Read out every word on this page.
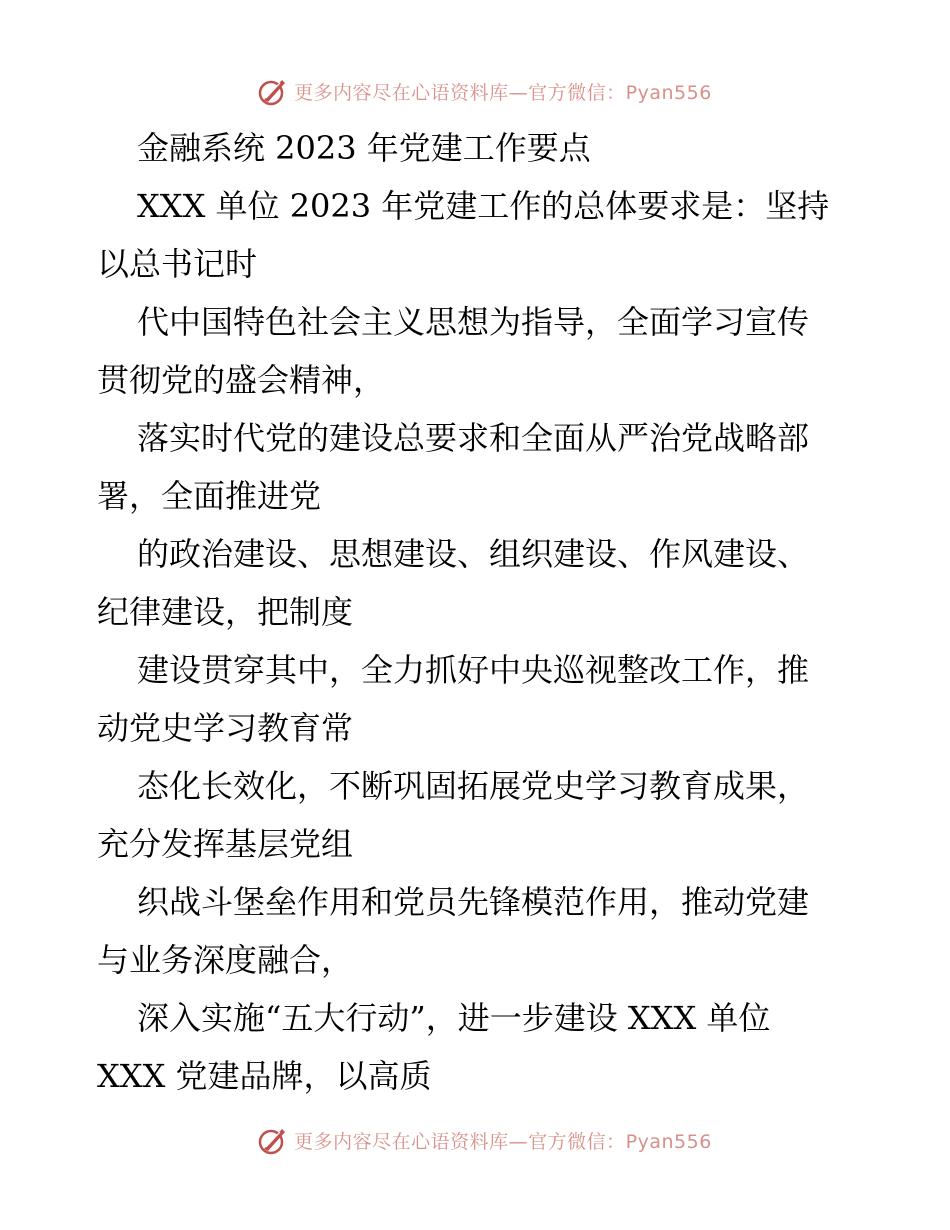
更多内容尽在心语资料库—官方微信：Pyan556
金融系统 2023 年党建工作要点
XXX 单位 2023 年党建工作的总体要求是：坚持
以总书记时
代中国特色社会主义思想为指导，全面学习宣传
贯彻党的盛会精神，
落实时代党的建设总要求和全面从严治党战略部
署，全面推进党
的政治建设、思想建设、组织建设、作风建设、
纪律建设，把制度
建设贯穿其中，全力抓好中央巡视整改工作，推
动党史学习教育常
态化长效化，不断巩固拓展党史学习教育成果，
充分发挥基层党组
织战斗堡垒作用和党员先锋模范作用，推动党建
与业务深度融合，
深入实施“五大行动”，进一步建设 XXX 单位
XXX 党建品牌，以高质
更多内容尽在心语资料库—官方微信：Pyan556
